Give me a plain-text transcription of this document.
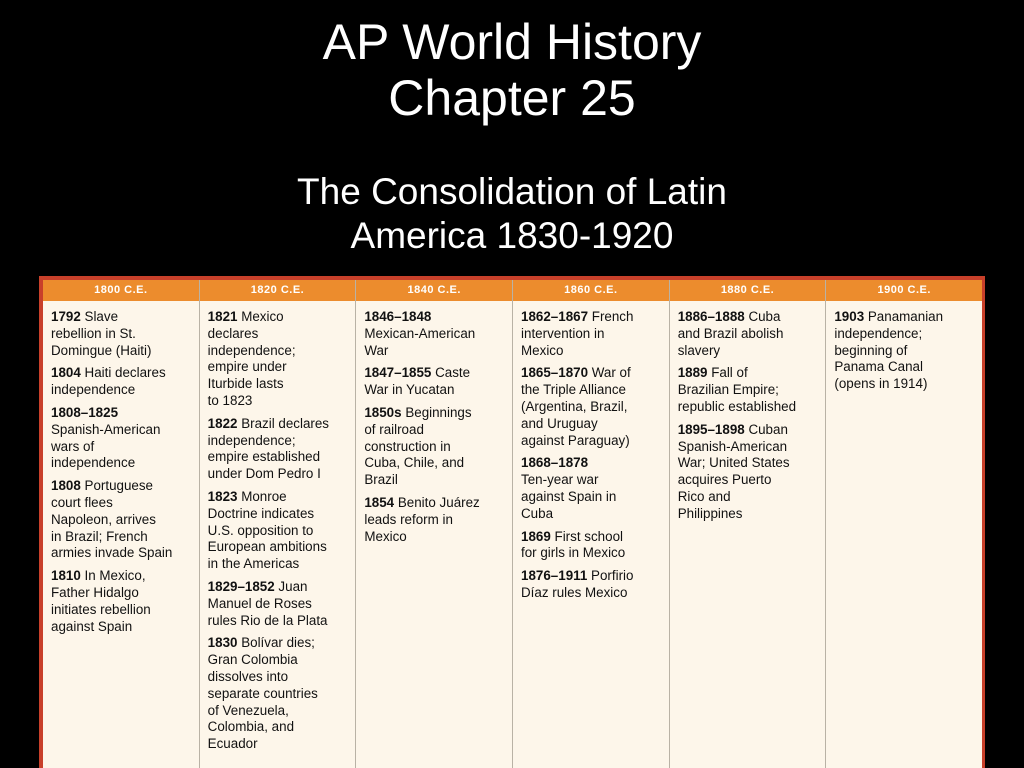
AP World History
Chapter 25
The Consolidation of Latin
America 1830-1920
1800 C.E.
1792 Slave
rebellion in St.
Domingue (Haiti)
1804 Haiti declares
independence
1808–1825
Spanish-American
wars of
independence
1808 Portuguese
court flees
Napoleon, arrives
in Brazil; French
armies invade Spain
1810 In Mexico,
Father Hidalgo
initiates rebellion
against Spain
1820 C.E.
1821 Mexico
declares
independence;
empire under
Iturbide lasts
to 1823
1822 Brazil declares
independence;
empire established
under Dom Pedro I
1823 Monroe
Doctrine indicates
U.S. opposition to
European ambitions
in the Americas
1829–1852 Juan
Manuel de Roses
rules Rio de la Plata
1830 Bolívar dies;
Gran Colombia
dissolves into
separate countries
of Venezuela,
Colombia, and
Ecuador
1840 C.E.
1846–1848
Mexican-American
War
1847–1855 Caste
War in Yucatan
1850s Beginnings
of railroad
construction in
Cuba, Chile, and
Brazil
1854 Benito Juárez
leads reform in
Mexico
1860 C.E.
1862–1867 French
intervention in
Mexico
1865–1870 War of
the Triple Alliance
(Argentina, Brazil,
and Uruguay
against Paraguay)
1868–1878
Ten-year war
against Spain in
Cuba
1869 First school
for girls in Mexico
1876–1911 Porfirio
Díaz rules Mexico
1880 C.E.
1886–1888 Cuba
and Brazil abolish
slavery
1889 Fall of
Brazilian Empire;
republic established
1895–1898 Cuban
Spanish-American
War; United States
acquires Puerto
Rico and
Philippines
1900 C.E.
1903 Panamanian
independence;
beginning of
Panama Canal
(opens in 1914)
